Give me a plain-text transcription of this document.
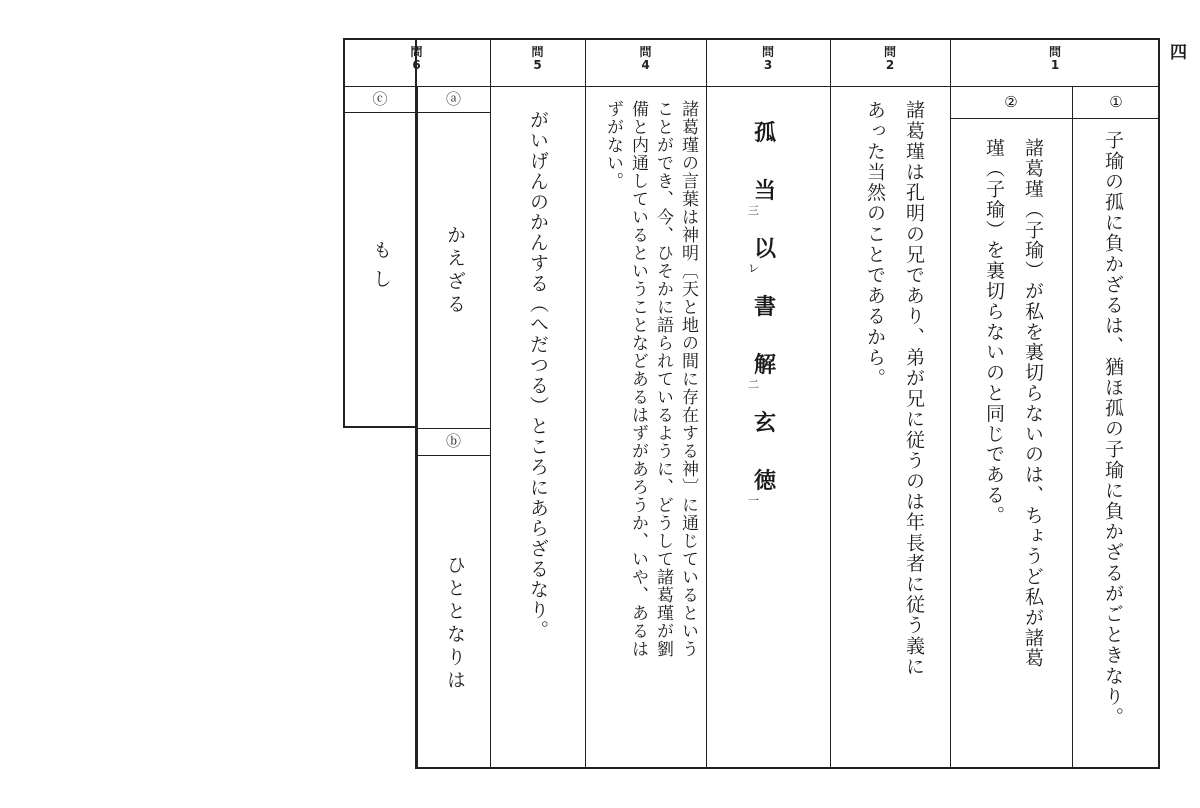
四
問
6
問
5
問
4
問
3
問
2
問
1
①
②
子瑜の孤に負かざるは、猶ほ孤の子瑜に負かざるがごときなり。
諸葛瑾（子瑜）が私を裏切らないのは、ちょうど私が諸葛
瑾（子瑜）を裏切らないのと同じである。
諸葛瑾は孔明の兄であり、弟が兄に従うのは年長者に従う義に
あった当然のことであるから。
孤
当
三
以
レ
書
解
二
玄
徳
一
諸葛瑾の言葉は神明〔天と地の間に存在する神〕に通じているという
ことができ、今、ひそかに語られているように、どうして諸葛瑾が劉
備と内通しているということなどあるはずがあろうか、いや、あるは
ずがない。
がいげんのかんする（へだつる）ところにあらざるなり。
ⓐ
ⓒ
ⓑ
かえざる
もし
ひととなりは
